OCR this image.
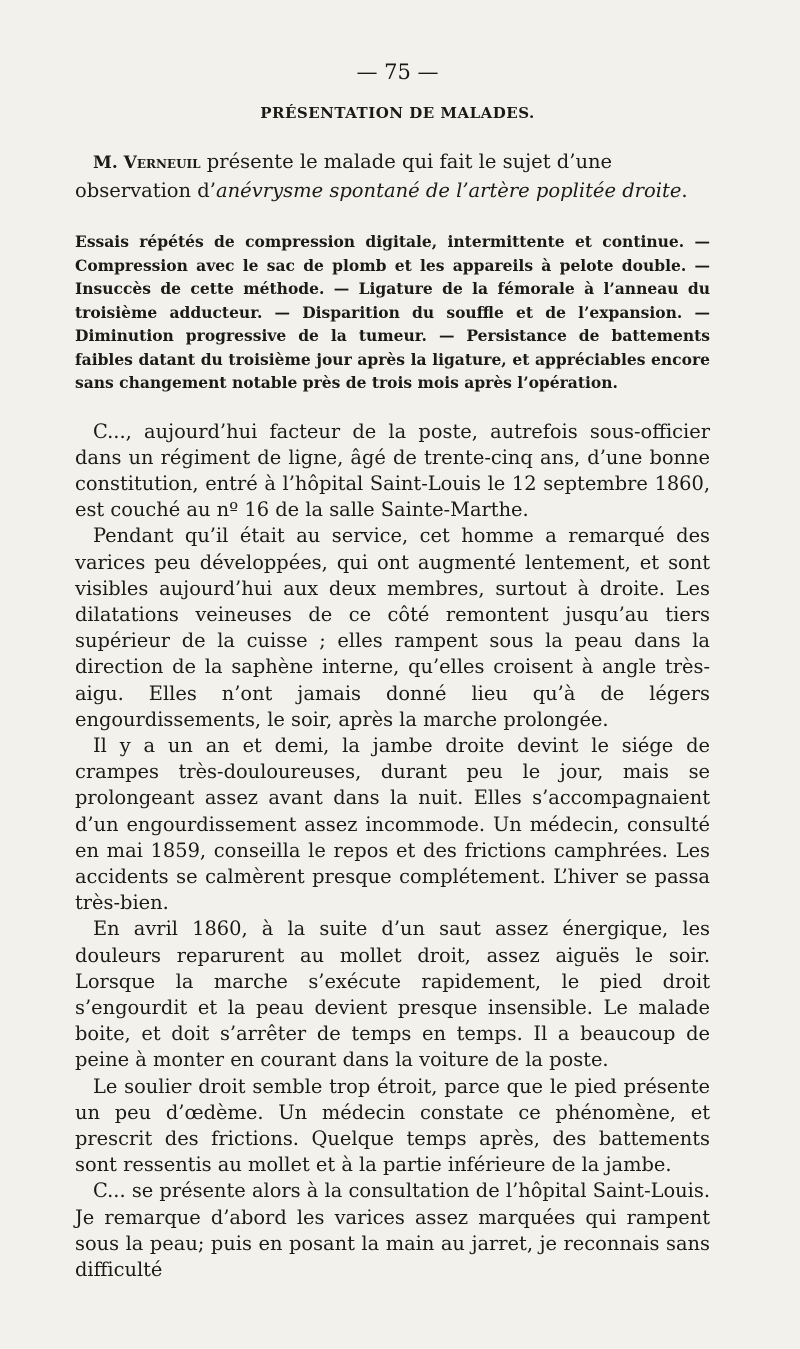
— 75 —
PRÉSENTATION DE MALADES.

M. Verneuil présente le malade qui fait le sujet d’une observation d’anévrysme spontané de l’artère poplitée droite.

Essais répétés de compression digitale, intermittente et continue. — Compression avec le sac de plomb et les appareils à pelote double. — Insuccès de cette méthode. — Ligature de la fémorale à l’anneau du troisième adducteur. — Disparition du souffle et de l’expansion. — Diminution progressive de la tumeur. — Persistance de battements faibles datant du troisième jour après la ligature, et appréciables encore sans changement notable près de trois mois après l’opération.

C..., aujourd’hui facteur de la poste, autrefois sous-officier dans un régiment de ligne, âgé de trente-cinq ans, d’une bonne constitution, entré à l’hôpital Saint-Louis le 12 septembre 1860, est couché au nº 16 de la salle Sainte-Marthe.

Pendant qu’il était au service, cet homme a remarqué des varices peu développées, qui ont augmenté lentement, et sont visibles aujourd’hui aux deux membres, surtout à droite. Les dilatations veineuses de ce côté remontent jusqu’au tiers supérieur de la cuisse ; elles rampent sous la peau dans la direction de la saphène interne, qu’elles croisent à angle très-aigu. Elles n’ont jamais donné lieu qu’à de légers engourdissements, le soir, après la marche prolongée.

Il y a un an et demi, la jambe droite devint le siége de crampes très-douloureuses, durant peu le jour, mais se prolongeant assez avant dans la nuit. Elles s’accompagnaient d’un engourdissement assez incommode. Un médecin, consulté en mai 1859, conseilla le repos et des frictions camphrées. Les accidents se calmèrent presque complétement. L’hiver se passa très-bien.

En avril 1860, à la suite d’un saut assez énergique, les douleurs reparurent au mollet droit, assez aiguës le soir. Lorsque la marche s’exécute rapidement, le pied droit s’engourdit et la peau devient presque insensible. Le malade boite, et doit s’arrêter de temps en temps. Il a beaucoup de peine à monter en courant dans la voiture de la poste.

Le soulier droit semble trop étroit, parce que le pied présente un peu d’œdème. Un médecin constate ce phénomène, et prescrit des frictions. Quelque temps après, des battements sont ressentis au mollet et à la partie inférieure de la jambe.

C... se présente alors à la consultation de l’hôpital Saint-Louis. Je remarque d’abord les varices assez marquées qui rampent sous la peau; puis en posant la main au jarret, je reconnais sans difficulté
